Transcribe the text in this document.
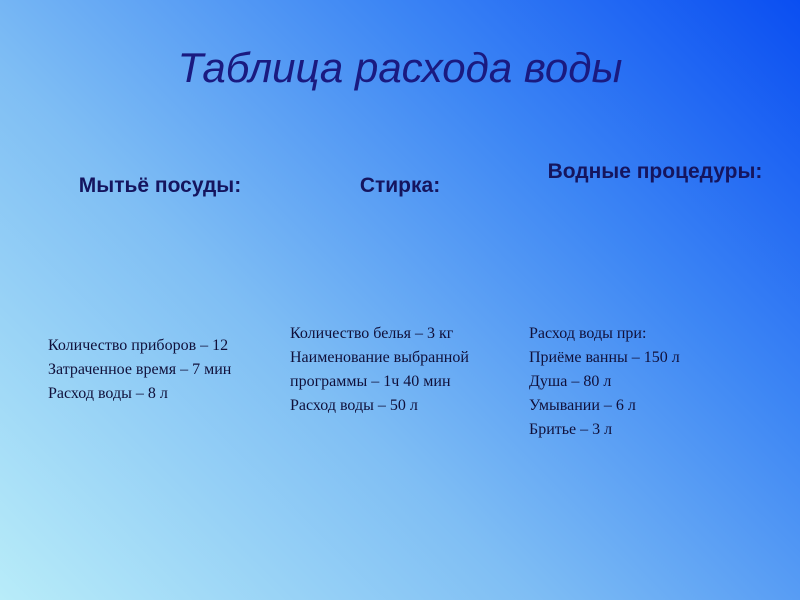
Таблица расхода воды
Мытьё посуды:	Стирка:
Водные процедуры:
Количество приборов – 12
Затраченное время – 7 мин
Расход воды – 8 л
Количество белья – 3 кг
Наименование выбранной программы – 1ч 40 мин
Расход воды – 50 л
Расход воды при:
Приёме ванны – 150 л
Душа – 80 л
Умывании – 6 л
Бритье – 3 л
